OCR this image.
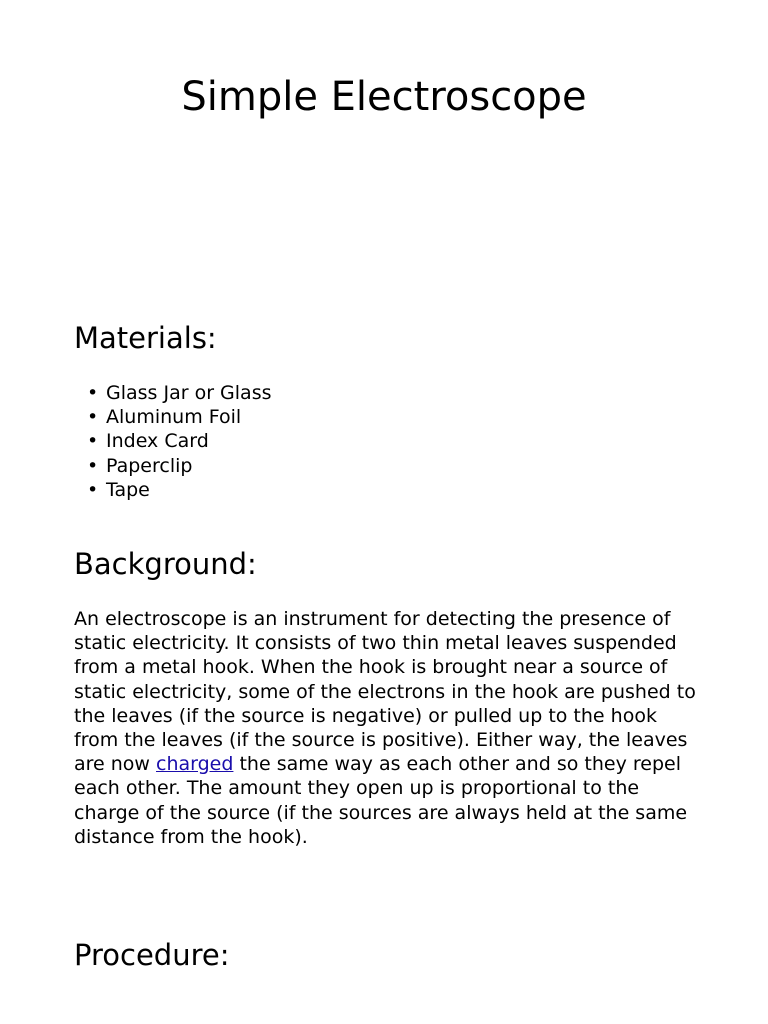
Simple Electroscope
Materials:
• Glass Jar or Glass
• Aluminum Foil
• Index Card
• Paperclip
• Tape
Background:

An electroscope is an instrument for detecting the presence of static electricity. It consists of two thin metal leaves suspended from a metal hook. When the hook is brought near a source of static electricity, some of the electrons in the hook are pushed to the leaves (if the source is negative) or pulled up to the hook from the leaves (if the source is positive). Either way, the leaves are now charged the same way as each other and so they repel each other. The amount they open up is proportional to the charge of the source (if the sources are always held at the same distance from the hook).

Procedure:
